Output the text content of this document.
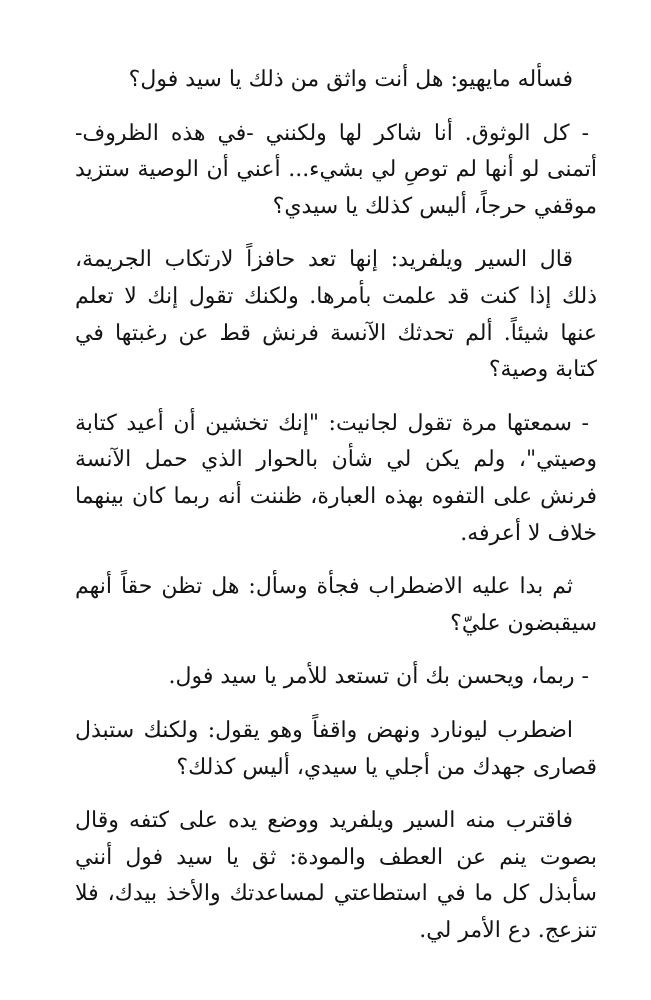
فسأله مايهيو: هل أنت واثق من ذلك يا سيد فول؟

- كل الوثوق. أنا شاكر لها ولكنني -في هذه الظروف- أتمنى لو أنها لم توصِ لي بشيء... أعني أن الوصية ستزيد موقفي حرجاً، أليس كذلك يا سيدي؟

قال السير ويلفريد: إنها تعد حافزاً لارتكاب الجريمة، ذلك إذا كنت قد علمت بأمرها. ولكنك تقول إنك لا تعلم عنها شيئاً. ألم تحدثك الآنسة فرنش قط عن رغبتها في كتابة وصية؟

- سمعتها مرة تقول لجانيت: "إنك تخشين أن أعيد كتابة وصيتي"، ولم يكن لي شأن بالحوار الذي حمل الآنسة فرنش على التفوه بهذه العبارة، ظننت أنه ربما كان بينهما خلاف لا أعرفه.

ثم بدا عليه الاضطراب فجأة وسأل: هل تظن حقاً أنهم سيقبضون عليّ؟

- ربما، ويحسن بك أن تستعد للأمر يا سيد فول.

اضطرب ليونارد ونهض واقفاً وهو يقول: ولكنك ستبذل قصارى جهدك من أجلي يا سيدي، أليس كذلك؟

فاقترب منه السير ويلفريد ووضع يده على كتفه وقال بصوت ينم عن العطف والمودة: ثق يا سيد فول أنني سأبذل كل ما في استطاعتي لمساعدتك والأخذ بيدك، فلا تنزعج. دع الأمر لي.
